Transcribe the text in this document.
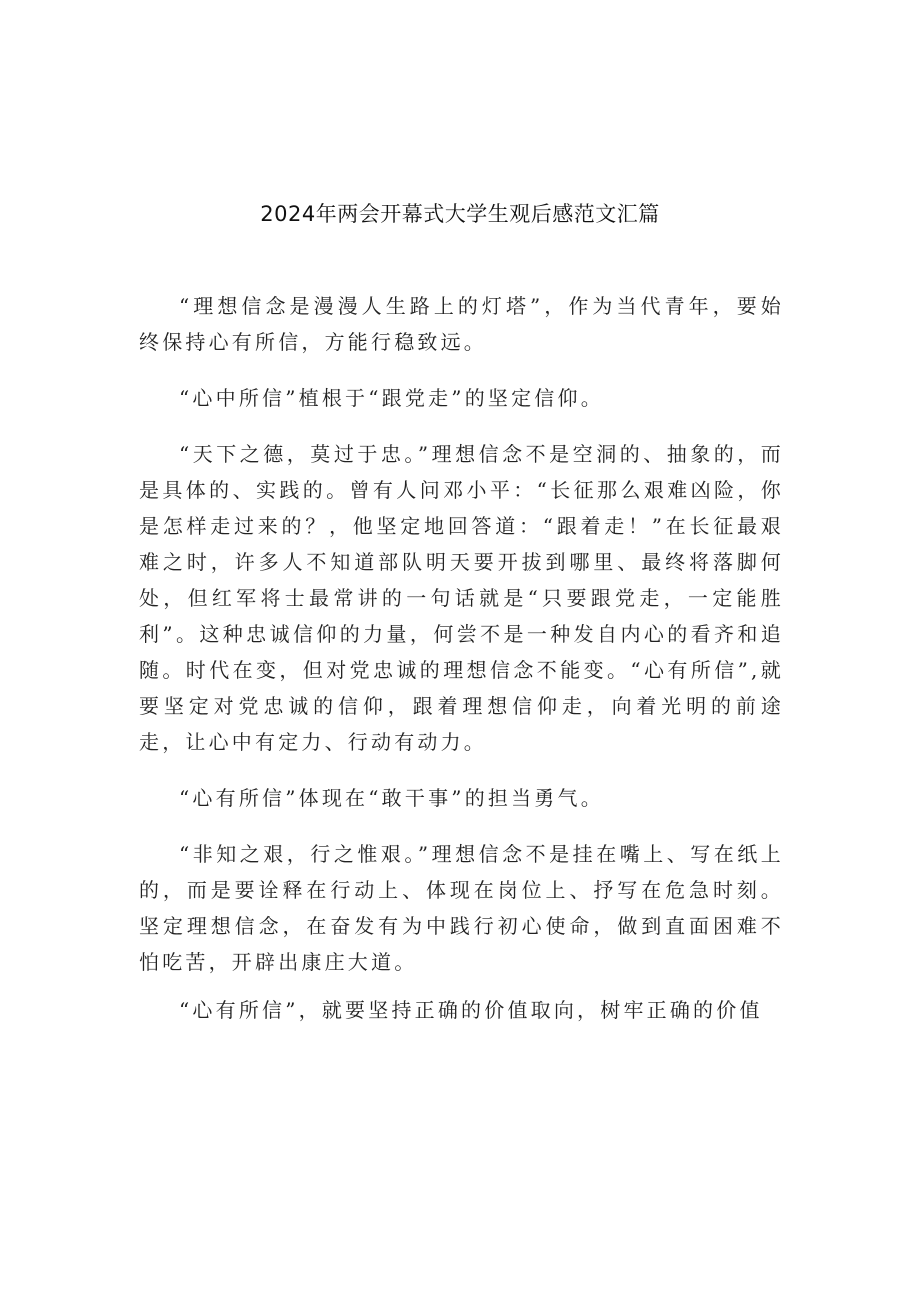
2024年两会开幕式大学生观后感范文汇篇

“理想信念是漫漫人生路上的灯塔”，作为当代青年，要始终保持心有所信，方能行稳致远。

“心中所信”植根于“跟党走”的坚定信仰。

“天下之德，莫过于忠。”理想信念不是空洞的、抽象的，而是具体的、实践的。曾有人问邓小平：“长征那么艰难凶险，你是怎样走过来的？，他坚定地回答道：“跟着走！”在长征最艰难之时，许多人不知道部队明天要开拔到哪里、最终将落脚何处，但红军将士最常讲的一句话就是“只要跟党走，一定能胜利”。这种忠诚信仰的力量，何尝不是一种发自内心的看齐和追随。时代在变，但对党忠诚的理想信念不能变。“心有所信”,就要坚定对党忠诚的信仰，跟着理想信仰走，向着光明的前途走，让心中有定力、行动有动力。

“心有所信”体现在“敢干事”的担当勇气。

“非知之艰，行之惟艰。”理想信念不是挂在嘴上、写在纸上的，而是要诠释在行动上、体现在岗位上、抒写在危急时刻。坚定理想信念，在奋发有为中践行初心使命，做到直面困难不怕吃苦，开辟出康庄大道。

“心有所信”，就要坚持正确的价值取向，树牢正确的价值
